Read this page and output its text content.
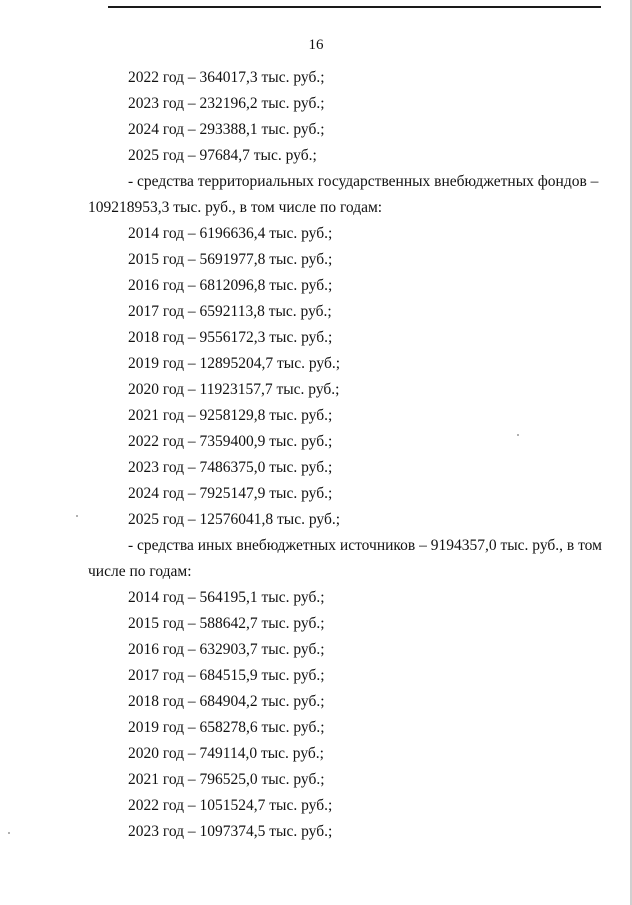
16
2022 год – 364017,3 тыс. руб.;
2023 год – 232196,2 тыс. руб.;
2024 год – 293388,1 тыс. руб.;
2025 год – 97684,7 тыс. руб.;
- средства территориальных государственных внебюджетных фондов –
109218953,3 тыс. руб., в том числе по годам:
2014 год – 6196636,4 тыс. руб.;
2015 год – 5691977,8 тыс. руб.;
2016 год – 6812096,8 тыс. руб.;
2017 год – 6592113,8 тыс. руб.;
2018 год – 9556172,3 тыс. руб.;
2019 год – 12895204,7 тыс. руб.;
2020 год – 11923157,7 тыс. руб.;
2021 год – 9258129,8 тыс. руб.;
2022 год – 7359400,9 тыс. руб.;
2023 год – 7486375,0 тыс. руб.;
2024 год – 7925147,9 тыс. руб.;
2025 год – 12576041,8 тыс. руб.;
- средства иных внебюджетных источников – 9194357,0 тыс. руб., в том
числе по годам:
2014 год – 564195,1 тыс. руб.;
2015 год – 588642,7 тыс. руб.;
2016 год – 632903,7 тыс. руб.;
2017 год – 684515,9 тыс. руб.;
2018 год – 684904,2 тыс. руб.;
2019 год – 658278,6 тыс. руб.;
2020 год – 749114,0 тыс. руб.;
2021 год – 796525,0 тыс. руб.;
2022 год – 1051524,7 тыс. руб.;
2023 год – 1097374,5 тыс. руб.;
